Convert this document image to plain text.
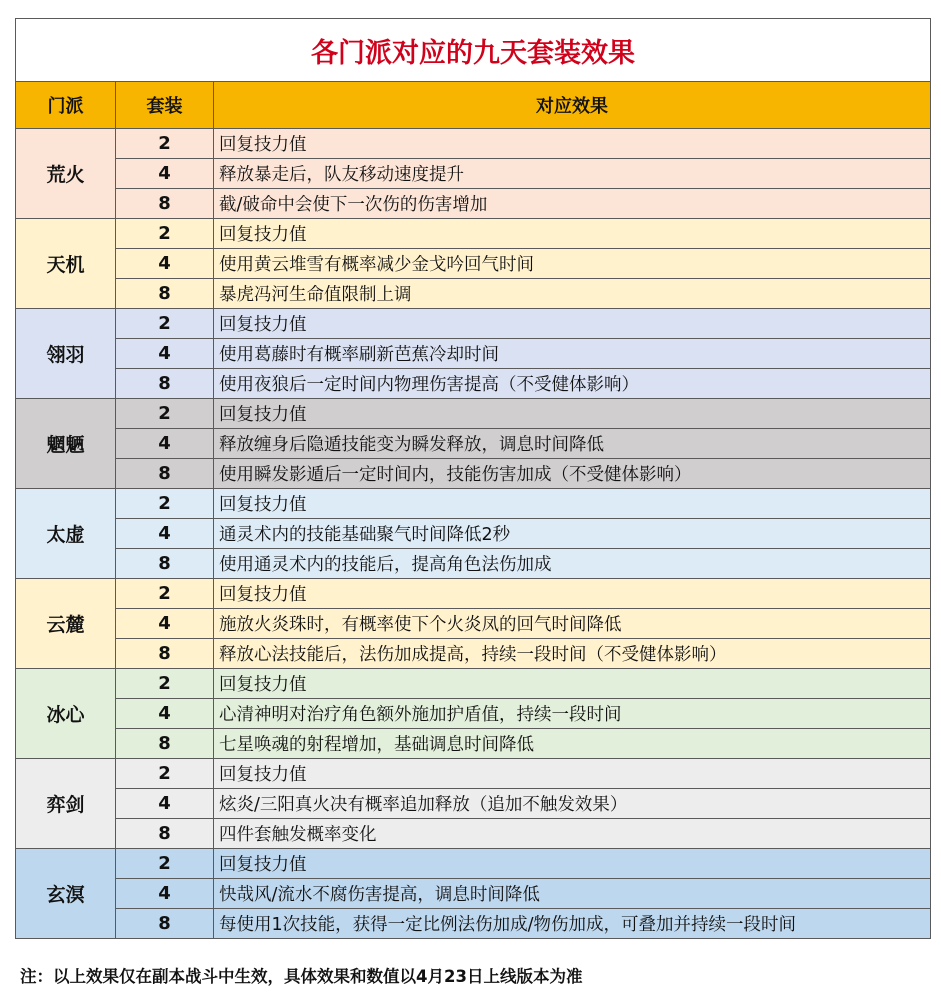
各门派对应的九天套装效果		
门派	套装	对应效果
荒火	2	回复技力值
	4	释放暴走后，队友移动速度提升
	8	截/破命中会使下一次伤的伤害增加
天机	2	回复技力值
	4	使用黄云堆雪有概率减少金戈吟回气时间
	8	暴虎冯河生命值限制上调
翎羽	2	回复技力值
	4	使用葛藤时有概率刷新芭蕉冷却时间
	8	使用夜狼后一定时间内物理伤害提高（不受健体影响）
魍魉	2	回复技力值
	4	释放缠身后隐遁技能变为瞬发释放，调息时间降低
	8	使用瞬发影遁后一定时间内，技能伤害加成（不受健体影响）
太虚	2	回复技力值
	4	通灵术内的技能基础聚气时间降低2秒
	8	使用通灵术内的技能后，提高角色法伤加成
云麓	2	回复技力值
	4	施放火炎珠时，有概率使下个火炎凤的回气时间降低
	8	释放心法技能后，法伤加成提高，持续一段时间（不受健体影响）
冰心	2	回复技力值
	4	心清神明对治疗角色额外施加护盾值，持续一段时间
	8	七星唤魂的射程增加，基础调息时间降低
弈剑	2	回复技力值
	4	炫炎/三阳真火决有概率追加释放（追加不触发效果）
	8	四件套触发概率变化
玄溟	2	回复技力值
	4	快哉风/流水不腐伤害提高，调息时间降低
	8	每使用1次技能，获得一定比例法伤加成/物伤加成，可叠加并持续一段时间
注：以上效果仅在副本战斗中生效，具体效果和数值以4月23日上线版本为准
